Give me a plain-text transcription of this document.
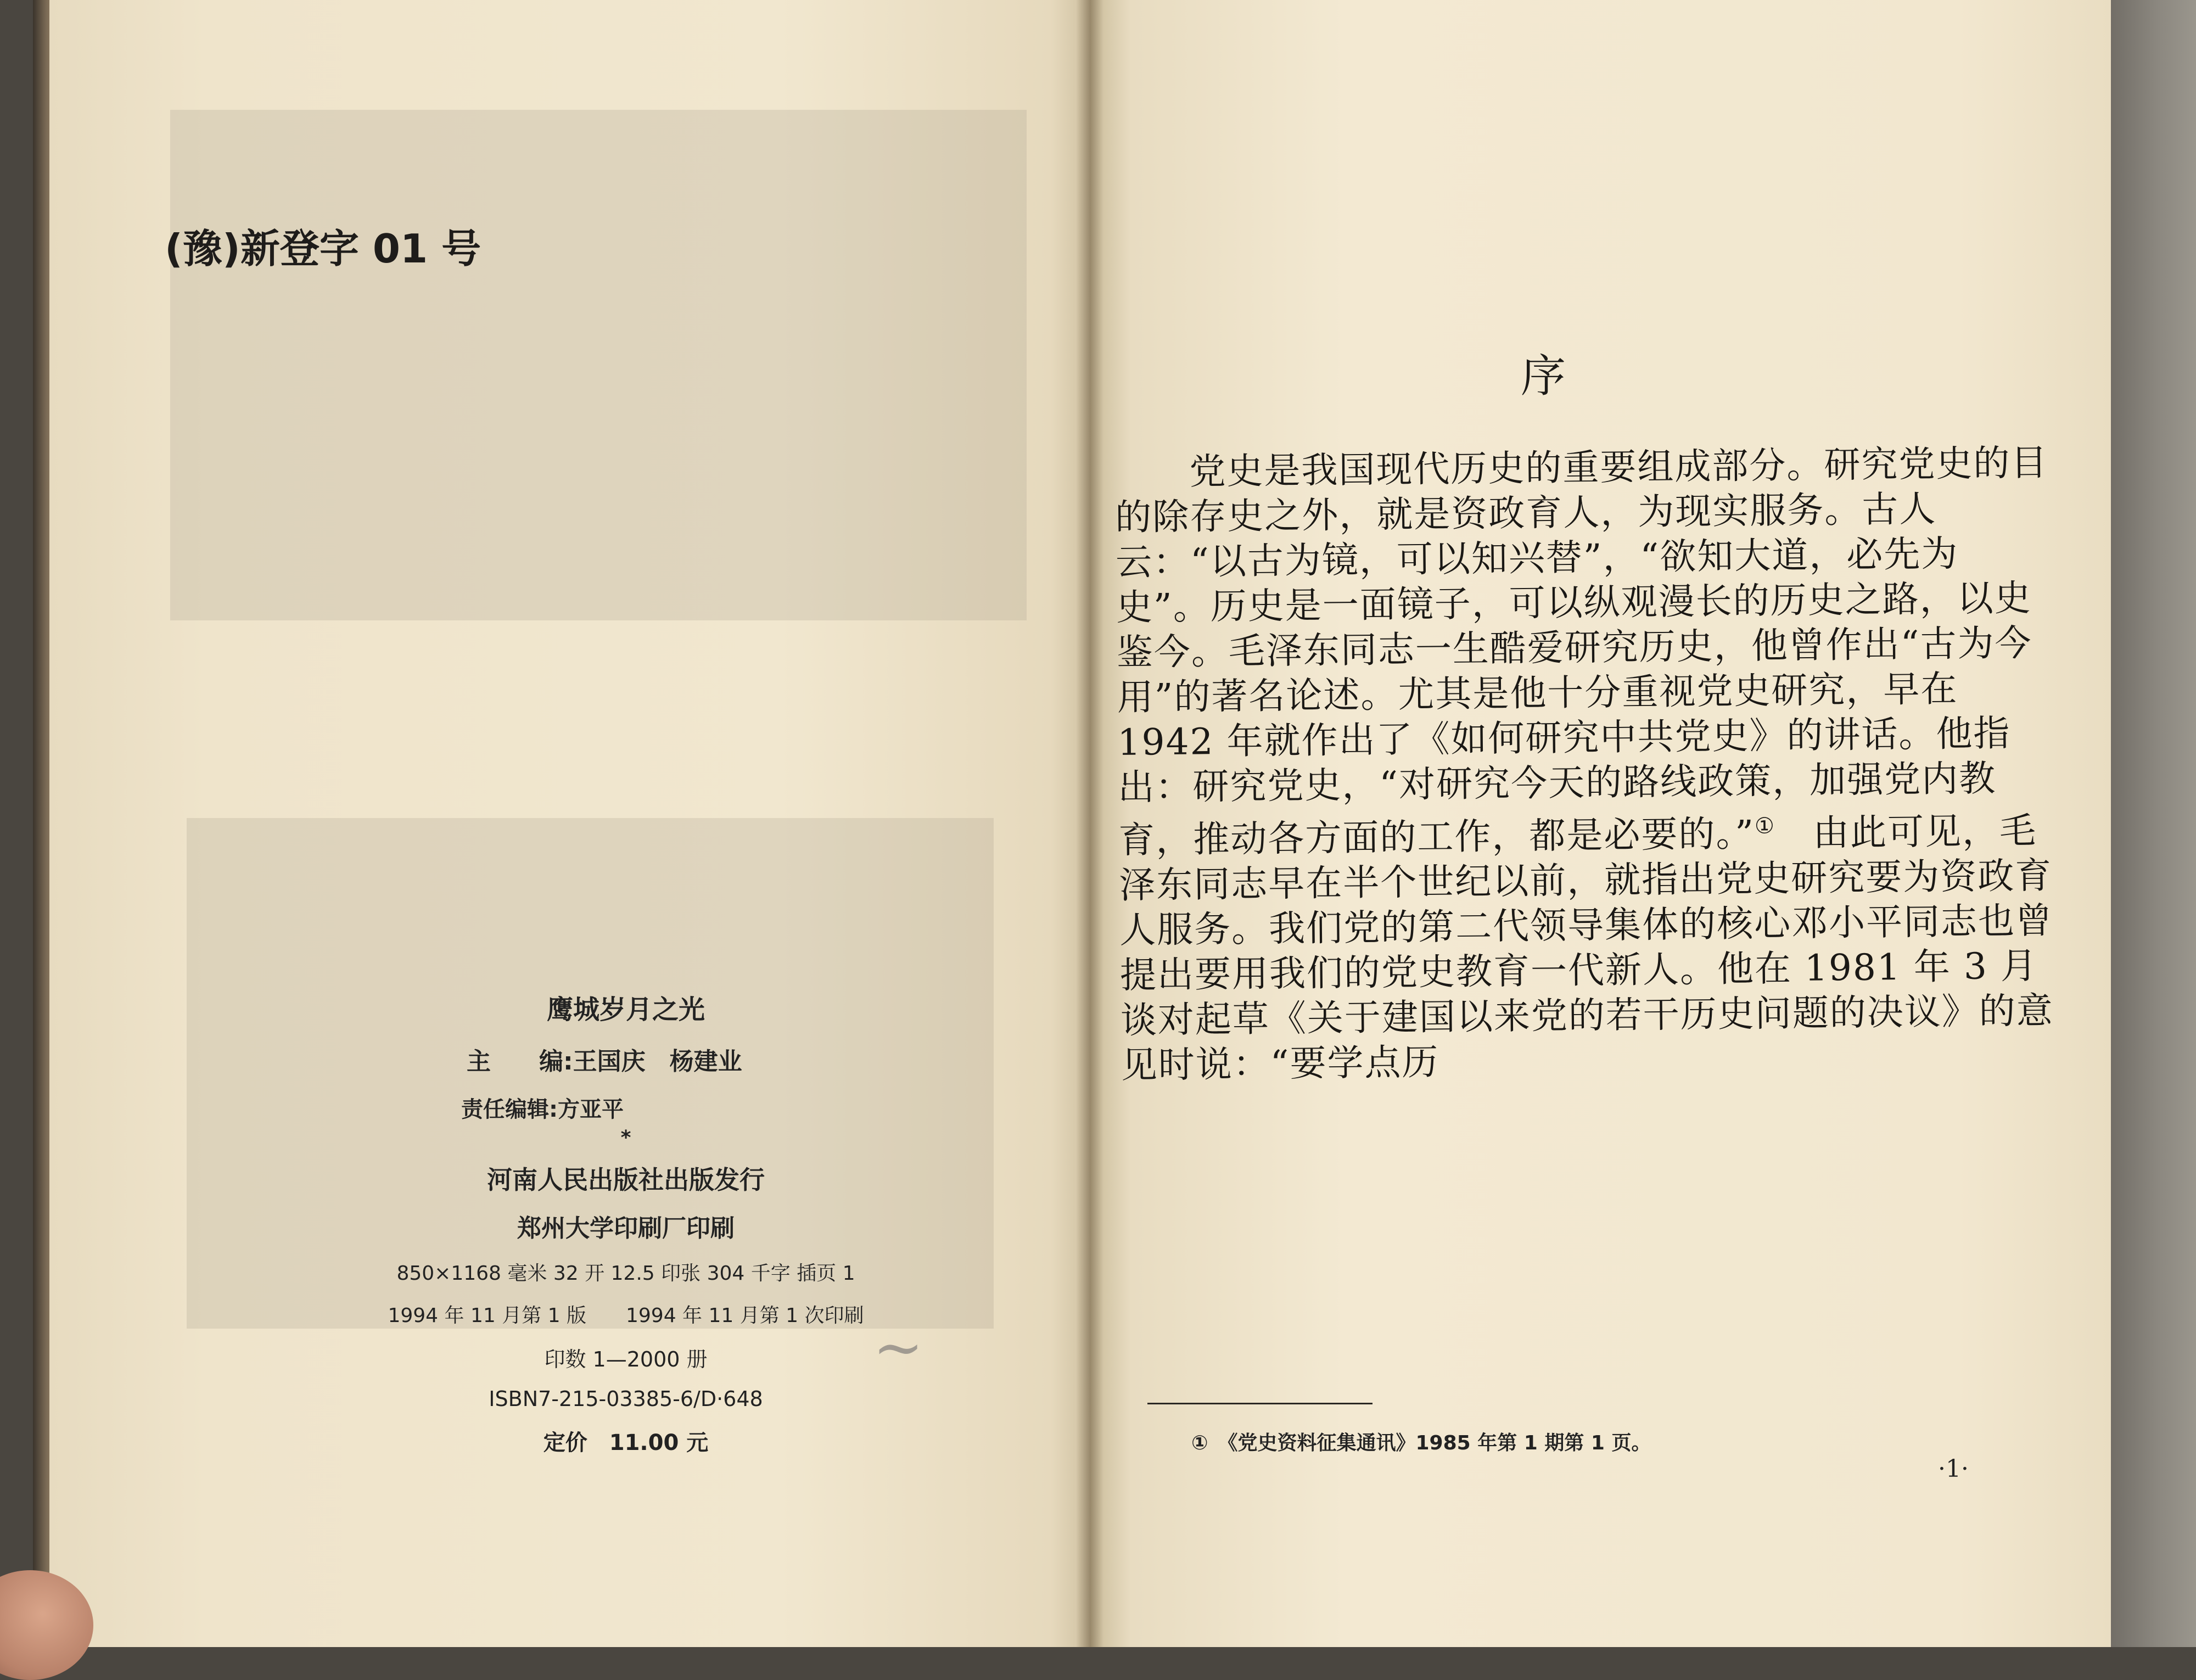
~
(豫)新登字 01 号
鹰城岁月之光
主　　编:王国庆　杨建业
责任编辑:方亚平
*
河南人民出版社出版发行
郑州大学印刷厂印刷
850×1168 毫米 32 开 12.5 印张 304 千字 插页 1
1994 年 11 月第 1 版　　1994 年 11 月第 1 次印刷
印数 1—2000 册
ISBN7-215-03385-6/D·648
定价　11.00 元
序

　　党史是我国现代历史的重要组成部分。研究党史的目的除存史之外，就是资政育人，为现实服务。古人云：“以古为镜，可以知兴替”，“欲知大道，必先为史”。历史是一面镜子，可以纵观漫长的历史之路，以史鉴今。毛泽东同志一生酷爱研究历史，他曾作出“古为今用”的著名论述。尤其是他十分重视党史研究，早在 1942 年就作出了《如何研究中共党史》的讲话。他指出：研究党史，“对研究今天的路线政策，加强党内教育，推动各方面的工作，都是必要的。”①　由此可见，毛泽东同志早在半个世纪以前，就指出党史研究要为资政育人服务。我们党的第二代领导集体的核心邓小平同志也曾提出要用我们的党史教育一代新人。他在 1981 年 3 月谈对起草《关于建国以来党的若干历史问题的决议》的意见时说：“要学点历

①　《党史资料征集通讯》1985 年第 1 期第 1 页。
·1·
